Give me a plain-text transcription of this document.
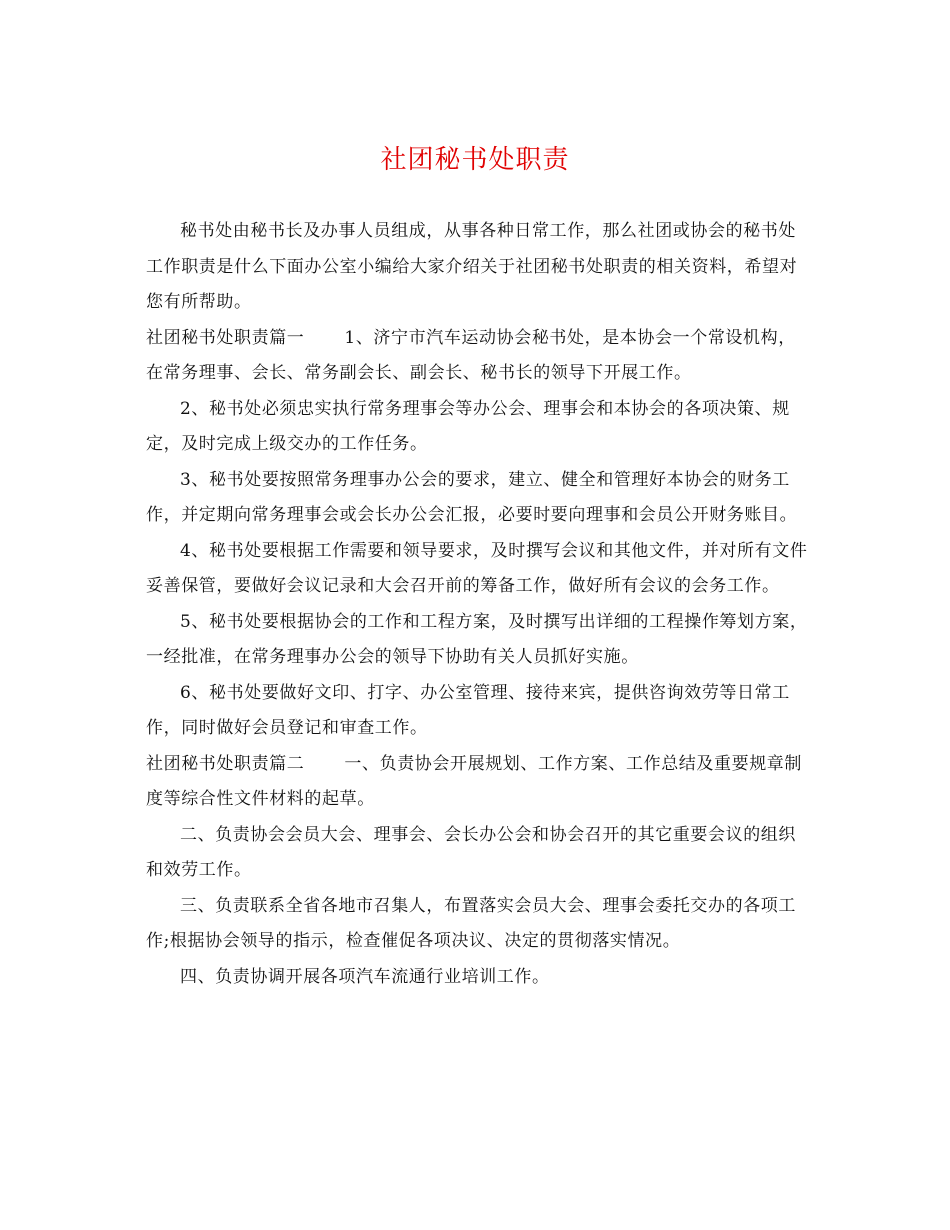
社团秘书处职责

秘书处由秘书长及办事人员组成，从事各种日常工作，那么社团或协会的秘书处工作职责是什么下面办公室小编给大家介绍关于社团秘书处职责的相关资料，希望对您有所帮助。

社团秘书处职责篇一 1、济宁市汽车运动协会秘书处，是本协会一个常设机构，在常务理事、会长、常务副会长、副会长、秘书长的领导下开展工作。

2、秘书处必须忠实执行常务理事会等办公会、理事会和本协会的各项决策、规定，及时完成上级交办的工作任务。

3、秘书处要按照常务理事办公会的要求，建立、健全和管理好本协会的财务工作，并定期向常务理事会或会长办公会汇报，必要时要向理事和会员公开财务账目。

4、秘书处要根据工作需要和领导要求，及时撰写会议和其他文件，并对所有文件妥善保管，要做好会议记录和大会召开前的筹备工作，做好所有会议的会务工作。

5、秘书处要根据协会的工作和工程方案，及时撰写出详细的工程操作筹划方案，一经批准，在常务理事办公会的领导下协助有关人员抓好实施。

6、秘书处要做好文印、打字、办公室管理、接待来宾，提供咨询效劳等日常工作，同时做好会员登记和审查工作。

社团秘书处职责篇二 一、负责协会开展规划、工作方案、工作总结及重要规章制度等综合性文件材料的起草。

二、负责协会会员大会、理事会、会长办公会和协会召开的其它重要会议的组织和效劳工作。

三、负责联系全省各地市召集人，布置落实会员大会、理事会委托交办的各项工作;根据协会领导的指示，检查催促各项决议、决定的贯彻落实情况。

四、负责协调开展各项汽车流通行业培训工作。
